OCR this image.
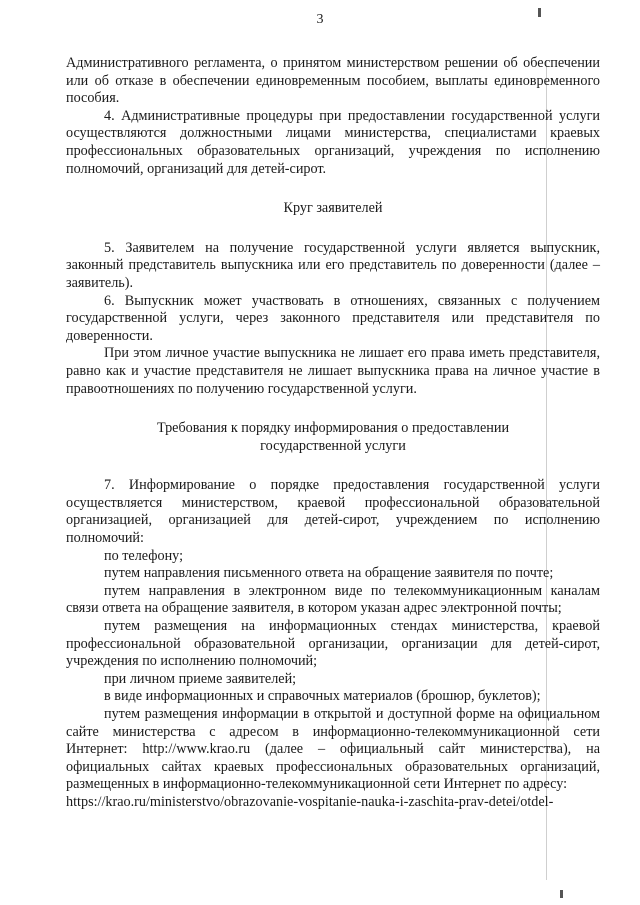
3

Административного регламента, о принятом министерством решении об обеспечении или об отказе в обеспечении единовременным пособием, выплаты единовременного пособия.

4. Административные процедуры при предоставлении государственной услуги осуществляются должностными лицами министерства, специалистами краевых профессиональных образовательных организаций, учреждения по исполнению полномочий, организаций для детей-сирот.

Круг заявителей

5. Заявителем на получение государственной услуги является выпускник, законный представитель выпускника или его представитель по доверенности (далее – заявитель).

6. Выпускник может участвовать в отношениях, связанных с получением государственной услуги, через законного представителя или представителя по доверенности.

При этом личное участие выпускника не лишает его права иметь представителя, равно как и участие представителя не лишает выпускника права на личное участие в правоотношениях по получению государственной услуги.

Требования к порядку информирования о предоставлении
государственной услуги

7. Информирование о порядке предоставления государственной услуги осуществляется министерством, краевой профессиональной образовательной организацией, организацией для детей-сирот, учреждением по исполнению полномочий:

по телефону;

путем направления письменного ответа на обращение заявителя по почте;

путем направления в электронном виде по телекоммуникационным каналам связи ответа на обращение заявителя, в котором указан адрес электронной почты;

путем размещения на информационных стендах министерства, краевой профессиональной образовательной организации, организации для детей-сирот, учреждения по исполнению полномочий;

при личном приеме заявителей;

в виде информационных и справочных материалов (брошюр, буклетов);

путем размещения информации в открытой и доступной форме на официальном сайте министерства с адресом в информационно-телекоммуникационной сети Интернет: http://www.krao.ru (далее – официальный сайт министерства), на официальных сайтах краевых профессиональных образовательных организаций, размещенных в информационно-телекоммуникационной сети Интернет по адресу:

https://krao.ru/ministerstvo/obrazovanie-vospitanie-nauka-i-zaschita-prav-detei/otdel-
